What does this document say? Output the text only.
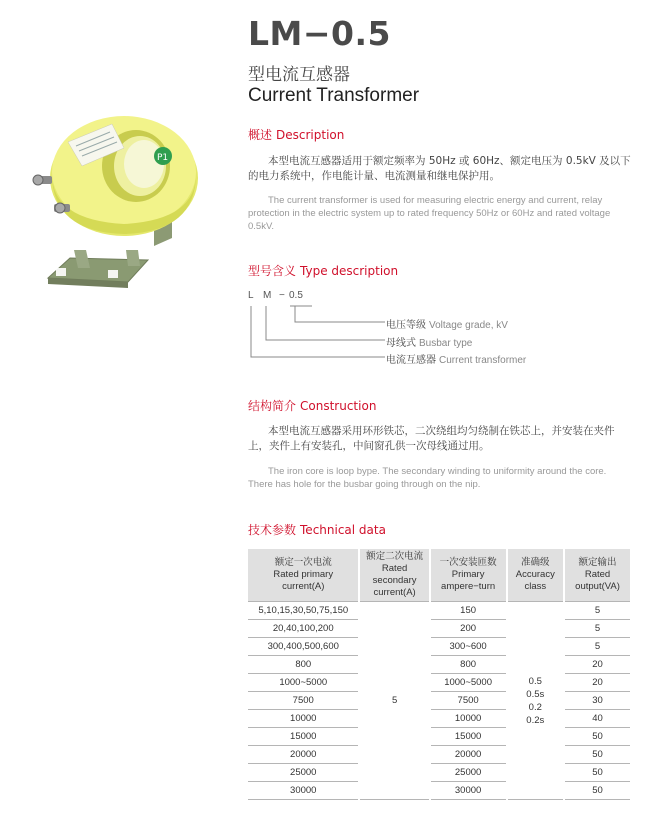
LM−0.5
型电流互感器
Current Transformer
P1
概述 Description
本型电流互感器适用于额定频率为 50Hz 或 60Hz、额定电压为 0.5kV 及以下的电力系统中，作电能计量、电流测量和继电保护用。
The current transformer is used for measuring electric energy and current, relay protection in the electric system up to rated frequency 50Hz or 60Hz and rated voltage 0.5kV.
型号含义 Type description
L M − 0.5
电压等级 Voltage grade, kV
母线式 Busbar type
电流互感器 Current transformer
结构简介 Construction
本型电流互感器采用环形铁芯，二次绕组均匀绕制在铁芯上，并安装在夹件上，夹件上有安装孔，中间窗孔供一次母线通过用。
The iron core is loop bype. The secondary winding to uniformity around the core. There has hole for the busbar going through on the nip.
技术参数 Technical data
额定一次电流
Rated primary
current(A)	额定二次电流
Rated
secondary
current(A)	一次安装匝数
Primary
ampere−turn	准确级
Accuracy
class	额定输出
Rated
output(VA)

5,10,15,30,50,75,150	5	150	0.5
0.5s
0.2
0.2s	5
20,40,100,200		200		5
300,400,500,600		300~600		5
800		800		20
1000~5000		1000~5000		20
7500		7500		30
10000		10000		40
15000		15000		50
20000		20000		50
25000		25000		50
30000		30000		50
